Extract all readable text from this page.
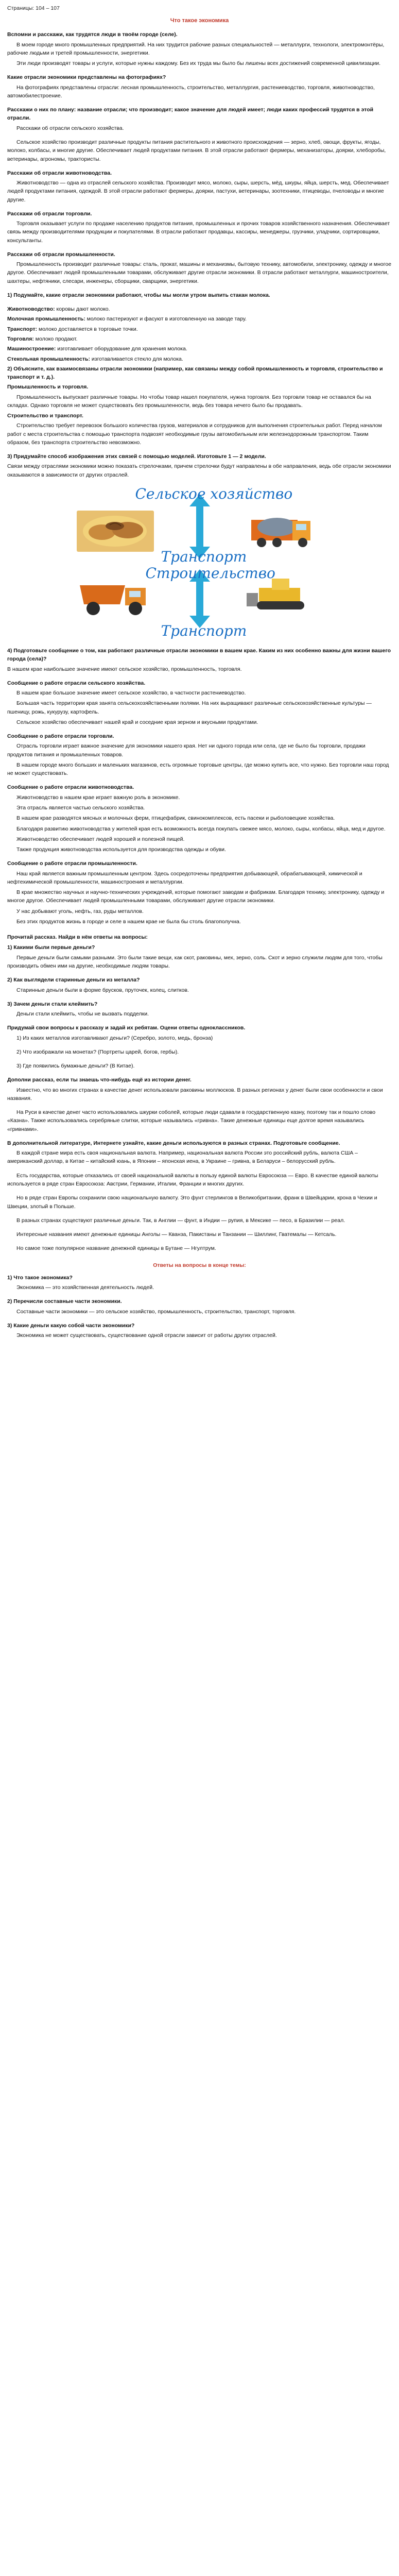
Страницы: 104 – 107
Что такое экономика
Вспомни и расскажи, как трудятся люди в твоём городе (селе).
В моем городе много промышленных предприятий. На них трудится рабочие разных специальностей — металлурги, технологи, электромонтёры, рабочие людьми и третей промышленности, энергетики.
Эти люди производят товары и услуги, которые нужны каждому. Без их труда мы было бы лишены всех достижений современной цивилизации.
Какие отрасли экономики представлены на фотографиях?
На фотографиях представлены отрасли: лесная промышленность, строительство, металлургия, растениеводство, торговля, животноводство, автомобилестроение.
Расскажи о них по плану: название отрасли; что производит; какое значение для людей имеет; люди каких профессий трудятся в этой отрасли.
Расскажи об отрасли сельского хозяйства.
Сельское хозяйство производит различные продукты питания растительного и животного происхождения — зерно, хлеб, овощи, фрукты, ягоды, молоко, колбасы, и многие другие. Обеспечивает людей продуктами питания. В этой отрасли работают фермеры, механизаторы, доярки, хлеборобы, ветеринары, агрономы, трактористы.
Расскажи об отрасли животноводства.
Животноводство — одна из отраслей сельского хозяйства. Производит мясо, молоко, сыры, шерсть, мёд, шкуры, яйца, шерсть, мед. Обеспечивает людей продуктами питания, одеждой. В этой отрасли работают фермеры, доярки, пастухи, ветеринары, зоотехники, птицеводы, пчеловоды и многие другие.
Расскажи об отрасли торговли.
Торговля оказывает услуги по продаже населению продуктов питания, промышленных и прочих товаров хозяйственного назначения. Обеспечивает связь между производителями продукции и покупателями. В отрасли работают продавцы, кассиры, менеджеры, грузчики, уладчики, сортировщики, консультанты.
Расскажи об отрасли промышленности.
Промышленность производит различные товары: сталь, прокат, машины и механизмы, бытовую технику, автомобили, электронику, одежду и многое другое. Обеспечивает людей промышленными товарами, обслуживает другие отрасли экономики. В отрасли работают металлурги, машиностроители, шахтеры, нефтяники, слесари, инженеры, сборщики, сварщики, энергетики.
1) Подумайте, какие отрасли экономики работают, чтобы мы могли утром выпить стакан молока.
Животноводство: коровы дают молоко.
Молочная промышленность: молоко пастеризуют и фасуют в изготовленную на заводе тару.
Транспорт: молоко доставляется в торговые точки.
Торговля: молоко продают.
Машиностроение: изготавливает оборудование для хранения молока.
Стекольная промышленность: изготавливается стекло для молока.
2) Объясните, как взаимосвязаны отрасли экономики (например, как связаны между собой промышленность и торговля, строительство и транспорт и т. д.).
Промышленность и торговля.
Промышленность выпускает различные товары. Но чтобы товар нашел покупателя, нужна торговля. Без торговли товар не оставался бы на складах. Однако торговля не может существовать без промышленности, ведь без товара нечего было бы продавать.
Строительство и транспорт.
Строительство требует перевозок большого количества грузов, материалов и сотрудников для выполнения строительных работ. Перед началом работ с места строительства с помощью транспорта подвозят необходимые грузы автомобильным или железнодорожным транспортом. Таким образом, без транспорта строительство невозможно.
3) Придумайте способ изображения этих связей с помощью моделей. Изготовьте 1 — 2 модели.
Связи между отраслями экономики можно показать стрелочками, причем стрелочки будут направлены в обе направления, ведь обе отрасли экономики оказываются в зависимости от других отраслей.
Сельское хозяйство
Транспорт
Строительство
Транспорт
4) Подготовьте сообщение о том, как работают различные отрасли экономики в вашем крае. Каким из них особенно важны для жизни вашего города (села)?
В нашем крае наибольшее значение имеют сельское хозяйство, промышленность, торговля.
Сообщение о работе отрасли сельского хозяйства.
В нашем крае большое значение имеет сельское хозяйство, в частности растениеводство.
Большая часть территории края занята сельскохозяйственными полями. На них выращивают различные сельскохозяйственные культуры — пшеницу, рожь, кукурузу, картофель.
Сельское хозяйство обеспечивает нашей край и соседние края зерном и вкусными продуктами.
Сообщение о работе отрасли торговли.
Отрасль торговли играет важное значение для экономики нашего края. Нет ни одного города или села, где не было бы торговли, продажи продуктов питания и промышленных товаров.
В нашем городе много больших и маленьких магазинов, есть огромные торговые центры, где можно купить все, что нужно. Без торговли наш город не может существовать.
Сообщение о работе отрасли животноводства.
Животноводство в нашем крае играет важную роль в экономике.
Эта отрасль является частью сельского хозяйства.
В нашем крае разводятся мясных и молочных ферм, птицефабрик, свинокомплексов, есть пасеки и рыболовецкие хозяйства.
Благодаря развитию животноводства у жителей края есть возможность всегда покупать свежее мясо, молоко, сыры, колбасы, яйца, мед и другое.
Животноводство обеспечивает людей хорошей и полезной пищей.
Также продукция животноводства используется для производства одежды и обуви.
Сообщение о работе отрасли промышленности.
Наш край является важным промышленным центром. Здесь сосредоточены предприятия добывающей, обрабатывающей, химической и нефтехимической промышленности, машиностроения и металлургии.
В крае множество научных и научно-технических учреждений, которые помогают заводам и фабрикам. Благодаря технику, электронику, одежду и многое другое. Обеспечивает людей промышленными товарами, обслуживает другие отрасли экономики.
У нас добывают уголь, нефть, газ, руды металлов.
Без этих продуктов жизнь в городе и селе в нашем крае не была бы столь благополучна.
Прочитай рассказ. Найди в нём ответы на вопросы:
1) Какими были первые деньги?
Первые деньги были самыми разными. Это были такие вещи, как скот, раковины, мех, зерно, соль. Скот и зерно служили людям для того, чтобы производить обмен ими на другие, необходимые людям товары.
2) Как выглядели старинные деньги из металла?
Старинные деньги были в форме брусков, пруточек, колец, слитков.
3) Зачем деньги стали клеймить?
Деньги стали клеймить, чтобы не вызвать подделки.
Придумай свои вопросы к рассказу и задай их ребятам. Оцени ответы одноклассников.
1) Из каких металлов изготавливают деньги? (Серебро, золото, медь, бронза)
2) Что изображали на монетах? (Портреты царей, богов, гербы).
3) Где появились бумажные деньги? (В Китае).
Дополни рассказ, если ты знаешь что-нибудь ещё из истории денег.
Известно, что во многих странах в качестве денег использовали раковины моллюсков. В разных регионах у денег были свои особенности и свои названия.
На Руси в качестве денег часто использовались шкурки соболей, которые люди сдавали в государственную казну, поэтому так и пошло слово «Казна». Также использовались серебряные слитки, которые назывались «гривна». Такие денежные единицы еще долгое время назывались «гривнами».
В дополнительной литературе, Интернете узнайте, какие деньги используются в разных странах. Подготовьте сообщение.
В каждой стране мира есть своя национальная валюта. Например, национальная валюта России это российский рубль, валюта США – американский доллар, в Китае – китайский юань, в Японии – японская иена, в Украине – гривна, в Беларуси – белорусский рубль.
Есть государства, которые отказались от своей национальной валюты в пользу единой валюты Евросоюза — Евро. В качестве единой валюты используется в ряде стран Евросоюза: Австрии, Германии, Италии, Франции и многих других.
Но в ряде стран Европы сохранили свою национальную валюту. Это фунт стерлингов в Великобритании, франк в Швейцарии, крона в Чехии и Швеции, злотый в Польше.
В разных странах существуют различные деньги. Так, в Англии — фунт, в Индии — рупия, в Мексике — песо, в Бразилии — реал.
Интересные названия имеют денежные единицы Анголы — Кванза, Пакистаны и Танзании — Шиллинг, Гватемалы — Кетсаль.
Но самое тоже популярное название денежной единицы в Бутане — Нгултрум.
Ответы на вопросы в конце темы:
1) Что такое экономика?
Экономика — это хозяйственная деятельность людей.
2) Перечисли составные части экономики.
Составные части экономики — это сельское хозяйство, промышленность, строительство, транспорт, торговля.
3) Какие деньги какую собой части экономики?
Экономика не может существовать, существование одной отрасли зависит от работы других отраслей.
